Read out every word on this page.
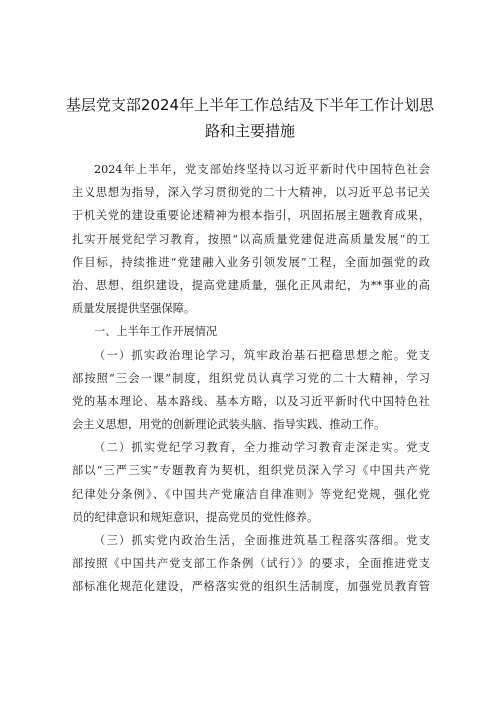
基层党支部2024年上半年工作总结及下半年工作计划思
路和主要措施
2024年上半年，党支部始终坚持以习近平新时代中国特色社会
主义思想为指导，深入学习贯彻党的二十大精神，以习近平总书记关
于机关党的建设重要论述精神为根本指引，巩固拓展主题教育成果，
扎实开展党纪学习教育，按照“以高质量党建促进高质量发展”的工
作目标，持续推进“党建融入业务引领发展”工程，全面加强党的政
治、思想、组织建设，提高党建质量，强化正风肃纪，为**事业的高
质量发展提供坚强保障。
一、上半年工作开展情况
（一）抓实政治理论学习，筑牢政治基石把稳思想之舵。党支
部按照“三会一课”制度，组织党员认真学习党的二十大精神，学习
党的基本理论、基本路线、基本方略，以及习近平新时代中国特色社
会主义思想，用党的创新理论武装头脑、指导实践、推动工作。
（二）抓实党纪学习教育，全力推动学习教育走深走实。党支
部以“三严三实”专题教育为契机，组织党员深入学习《中国共产党
纪律处分条例》、《中国共产党廉洁自律准则》等党纪党规，强化党
员的纪律意识和规矩意识，提高党员的党性修养。
（三）抓实党内政治生活，全面推进筑基工程落实落细。党支
部按照《中国共产党支部工作条例（试行）》的要求，全面推进党支
部标准化规范化建设，严格落实党的组织生活制度，加强党员教育管
